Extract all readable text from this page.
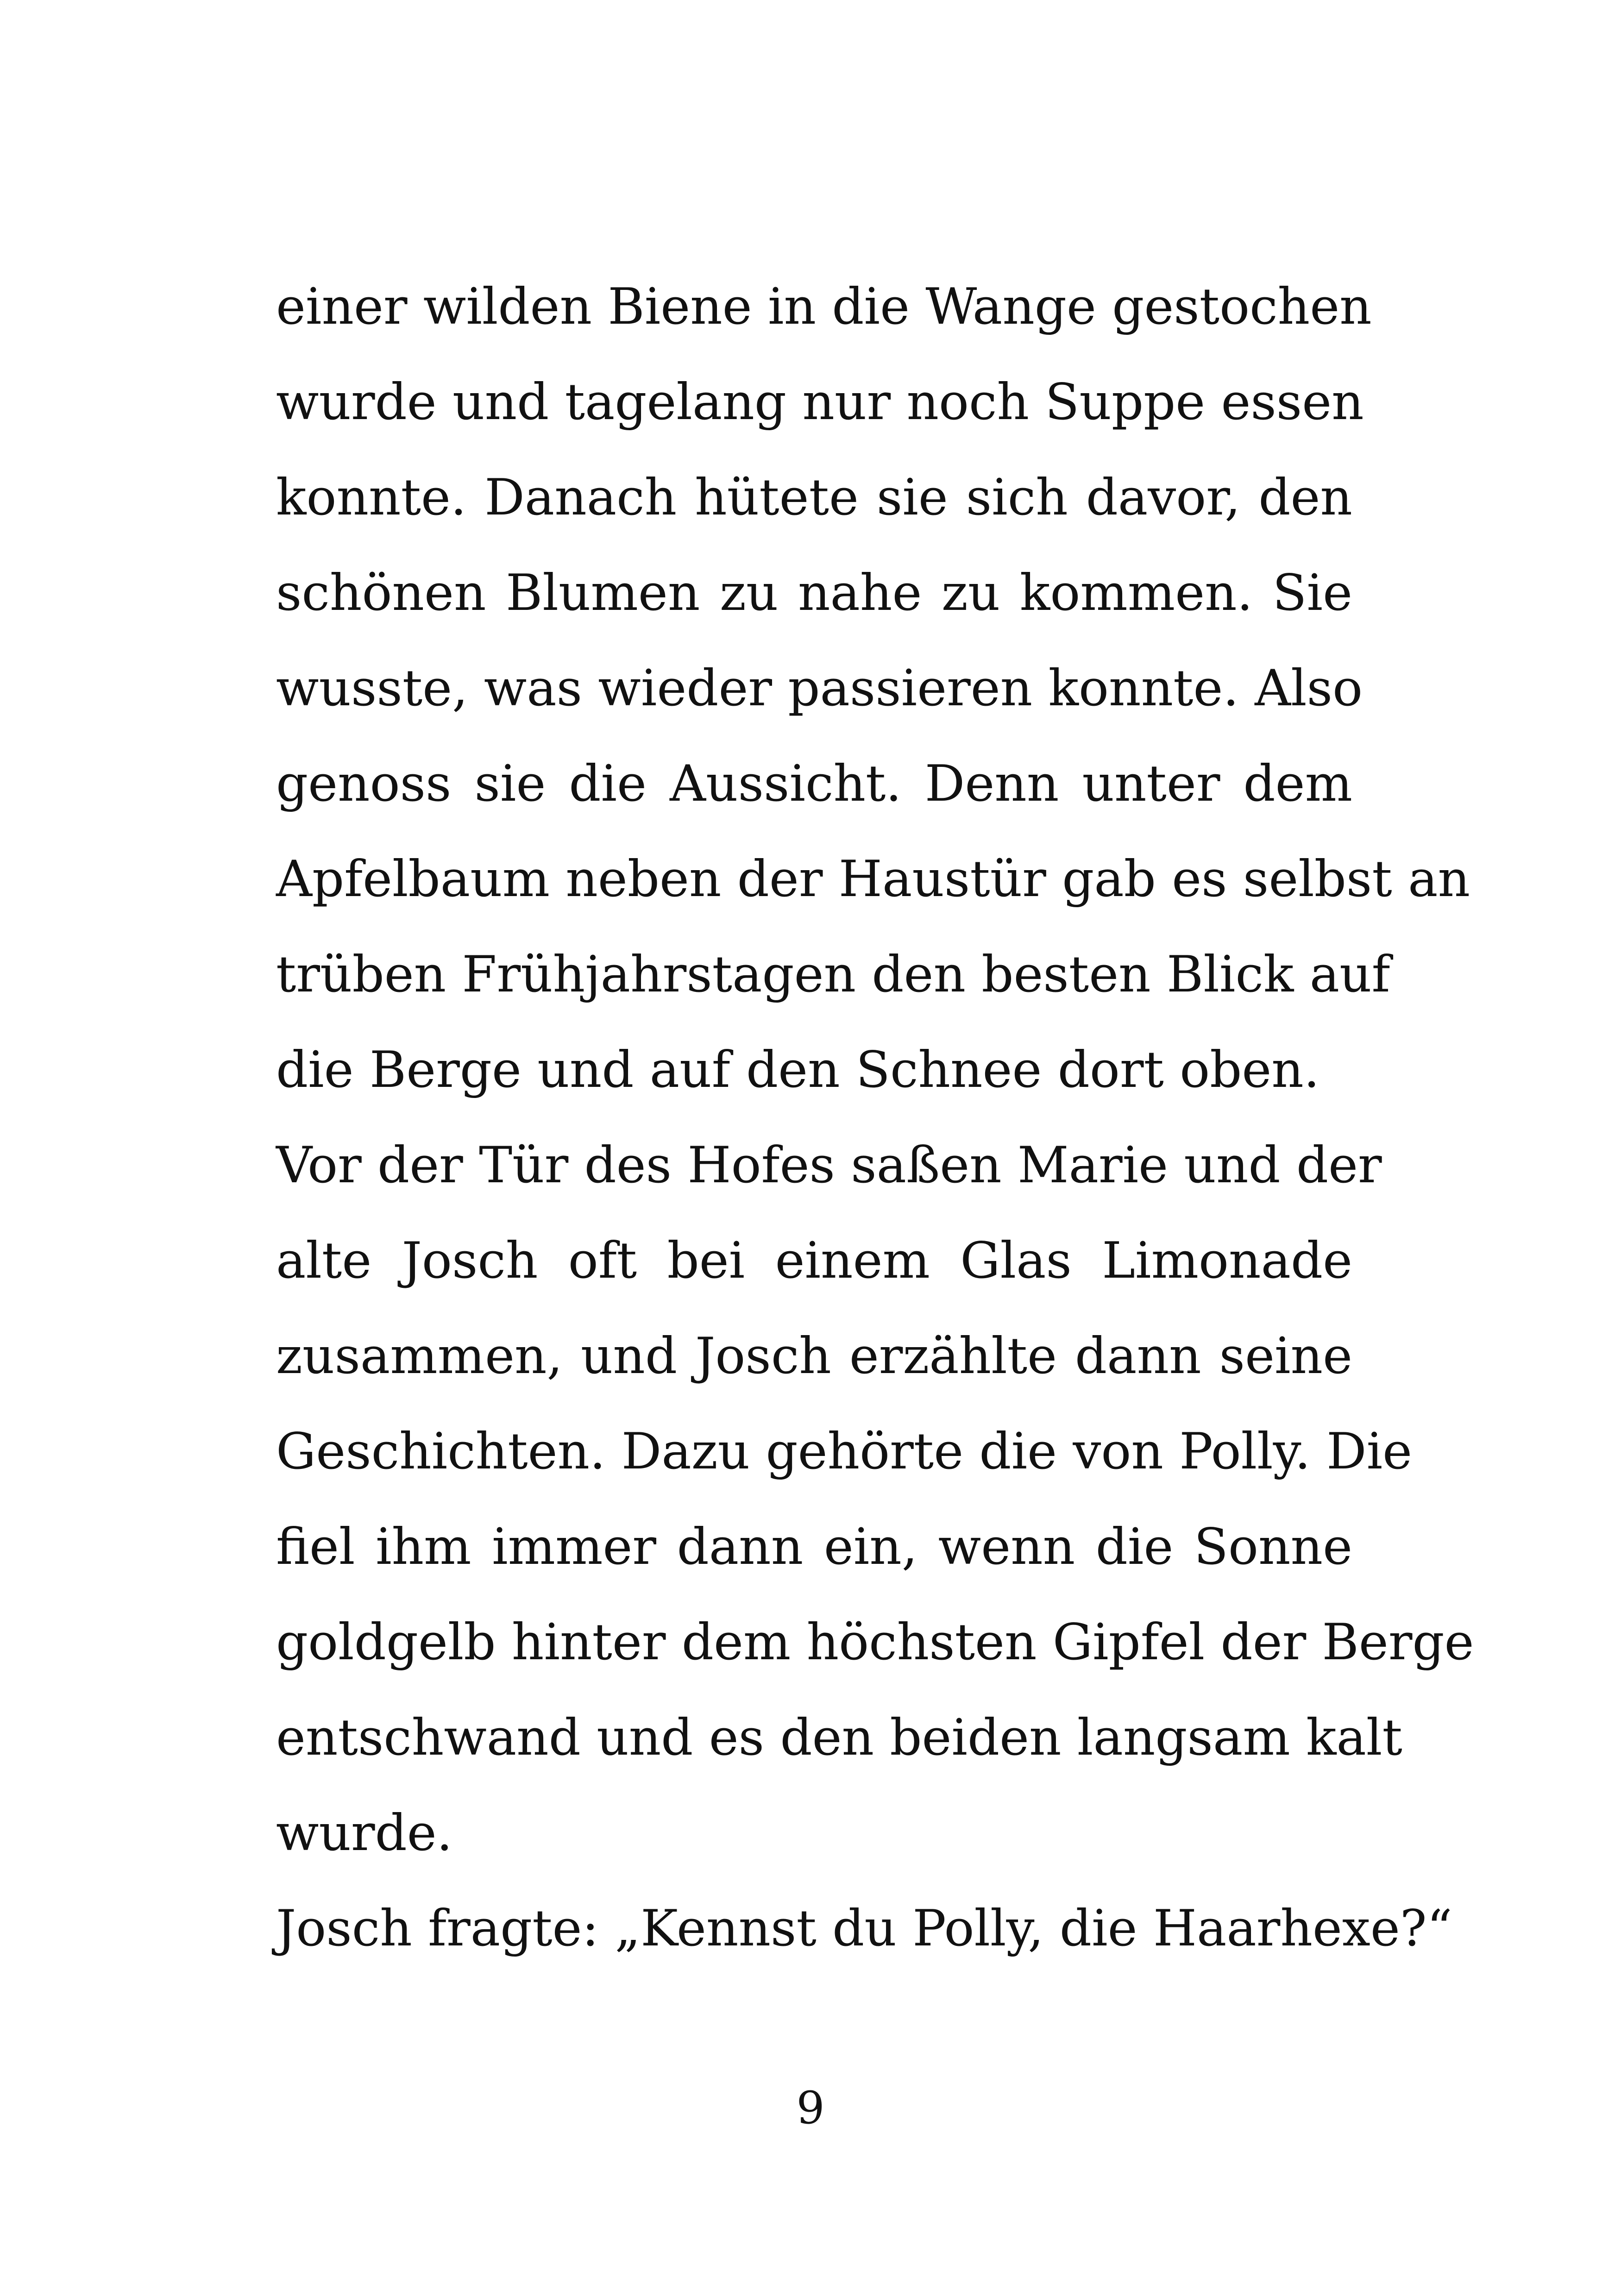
einer wilden Biene in die Wange gestochen
wurde und tagelang nur noch Suppe essen
konnte. Danach hütete sie sich davor, den
schönen Blumen zu nahe zu kommen. Sie
wusste, was wieder passieren konnte. Also
genoss sie die Aussicht. Denn unter dem
Apfelbaum neben der Haustür gab es selbst an
trüben Frühjahrstagen den besten Blick auf
die Berge und auf den Schnee dort oben.
Vor der Tür des Hofes saßen Marie und der
alte Josch oft bei einem Glas Limonade
zusammen, und Josch erzählte dann seine
Geschichten. Dazu gehörte die von Polly. Die
fiel ihm immer dann ein, wenn die Sonne
goldgelb hinter dem höchsten Gipfel der Berge
entschwand und es den beiden langsam kalt
wurde.
Josch fragte: „Kennst du Polly, die Haarhexe?“
9
